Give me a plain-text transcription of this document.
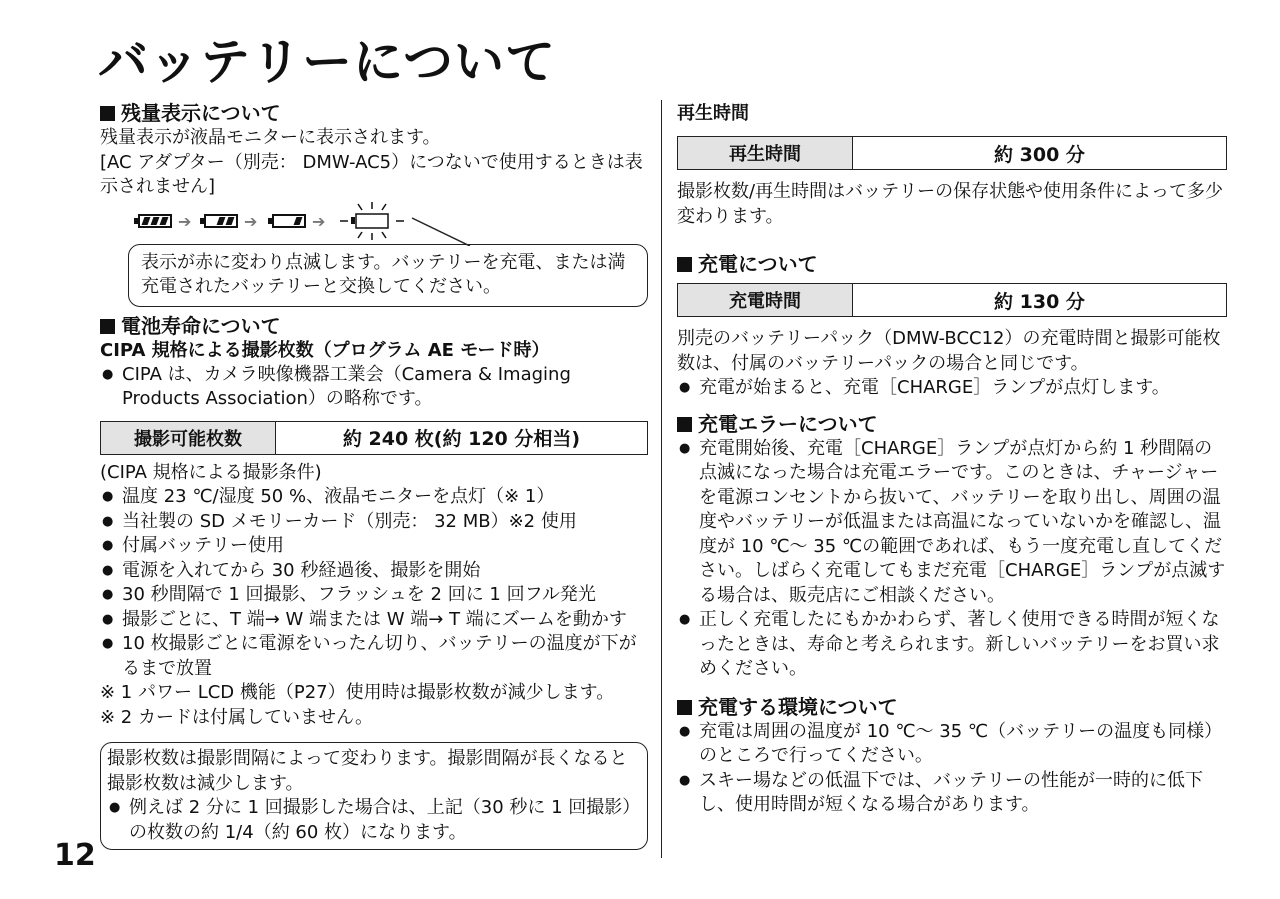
バッテリーについて
残量表示について
残量表示が液晶モニターに表示されます。
[AC アダプター（別売： DMW-AC5）につないで使用するときは表示されません]
➔	➔	➔
表示が赤に変わり点滅します。バッテリーを充電、または満充電されたバッテリーと交換してください。
電池寿命について
CIPA 規格による撮影枚数（プログラム AE モード時）
● CIPA は、カメラ映像機器工業会（Camera & Imaging Products Association）の略称です。
撮影可能枚数	約 240 枚(約 120 分相当)
(CIPA 規格による撮影条件)
● 温度 23 ℃/湿度 50 %、液晶モニターを点灯（※ 1）
● 当社製の SD メモリーカード（別売： 32 MB）※2 使用
● 付属バッテリー使用
● 電源を入れてから 30 秒経過後、撮影を開始
● 30 秒間隔で 1 回撮影、フラッシュを 2 回に 1 回フル発光
● 撮影ごとに、T 端→ W 端または W 端→ T 端にズームを動かす
● 10 枚撮影ごとに電源をいったん切り、バッテリーの温度が下がるまで放置
※ 1 パワー LCD 機能（P27）使用時は撮影枚数が減少します。
※ 2 カードは付属していません。
撮影枚数は撮影間隔によって変わります。撮影間隔が長くなると撮影枚数は減少します。
● 例えば 2 分に 1 回撮影した場合は、上記（30 秒に 1 回撮影）の枚数の約 1/4（約 60 枚）になります。
再生時間
再生時間	約 300 分
撮影枚数/再生時間はバッテリーの保存状態や使用条件によって多少変わります。
充電について
充電時間	約 130 分
別売のバッテリーパック（DMW-BCC12）の充電時間と撮影可能枚数は、付属のバッテリーパックの場合と同じです。
● 充電が始まると、充電［CHARGE］ランプが点灯します。
充電エラーについて
● 充電開始後、充電［CHARGE］ランプが点灯から約 1 秒間隔の点滅になった場合は充電エラーです。このときは、チャージャーを電源コンセントから抜いて、バッテリーを取り出し、周囲の温度やバッテリーが低温または高温になっていないかを確認し、温度が 10 ℃～ 35 ℃の範囲であれば、もう一度充電し直してください。しばらく充電してもまだ充電［CHARGE］ランプが点滅する場合は、販売店にご相談ください。
● 正しく充電したにもかかわらず、著しく使用できる時間が短くなったときは、寿命と考えられます。新しいバッテリーをお買い求めください。
充電する環境について
● 充電は周囲の温度が 10 ℃～ 35 ℃（バッテリーの温度も同様）のところで行ってください。
● スキー場などの低温下では、バッテリーの性能が一時的に低下し、使用時間が短くなる場合があります。
12
